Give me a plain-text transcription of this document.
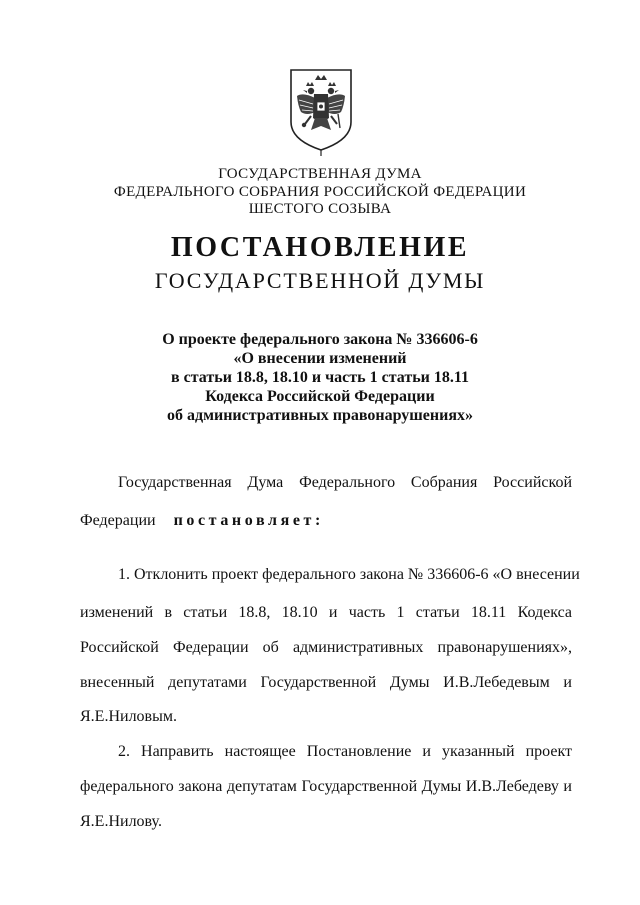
ГОСУДАРСТВЕННАЯ ДУМА
ФЕДЕРАЛЬНОГО СОБРАНИЯ РОССИЙСКОЙ ФЕДЕРАЦИИ
ШЕСТОГО СОЗЫВА
ПОСТАНОВЛЕНИЕ
ГОСУДАРСТВЕННОЙ ДУМЫ
О проекте федерального закона № 336606-6
«О внесении изменений
в статьи 18.8, 18.10 и часть 1 статьи 18.11
Кодекса Российской Федерации
об административных правонарушениях»
Государственная Дума Федерального Собрания Российской
Федерации постановляет:
1. Отклонить проект федерального закона № 336606-6 «О внесении
изменений в статьи 18.8, 18.10 и часть 1 статьи 18.11 Кодекса
Российской Федерации об административных правонарушениях»,
внесенный депутатами Государственной Думы И.В.Лебедевым и
Я.Е.Ниловым.
2. Направить настоящее Постановление и указанный проект
федерального закона депутатам Государственной Думы И.В.Лебедеву и
Я.Е.Нилову.
